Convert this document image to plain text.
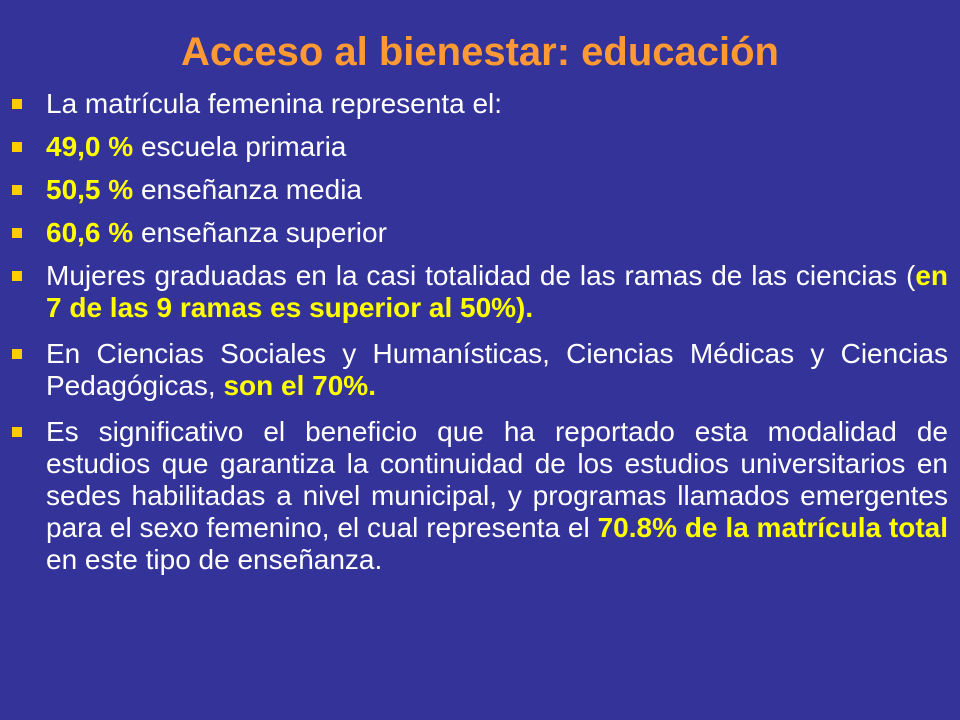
Acceso al bienestar: educación
La matrícula femenina representa el:
49,0 % escuela primaria
50,5 % enseñanza media
60,6 % enseñanza superior
Mujeres graduadas en la casi totalidad de las ramas de las ciencias (en 7 de las 9 ramas es superior al 50%).
En Ciencias Sociales y Humanísticas, Ciencias Médicas y Ciencias Pedagógicas, son el 70%.
Es significativo el beneficio que ha reportado esta modalidad de estudios que garantiza la continuidad de los estudios universitarios en sedes habilitadas a nivel municipal, y programas llamados emergentes para el sexo femenino, el cual representa el 70.8% de la matrícula total en este tipo de enseñanza.
